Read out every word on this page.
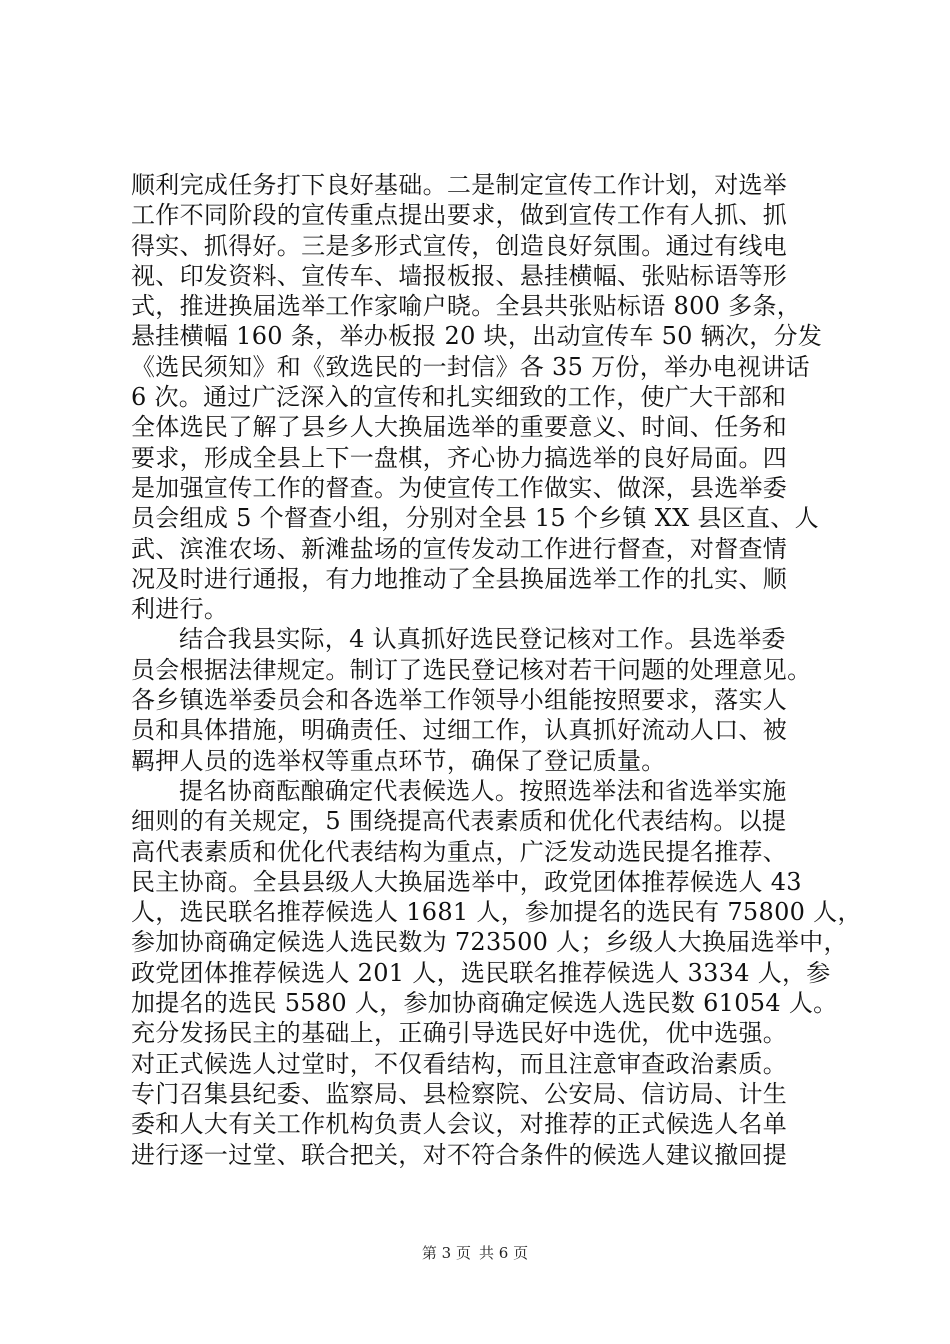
顺利完成任务打下良好基础。二是制定宣传工作计划，对选举
工作不同阶段的宣传重点提出要求，做到宣传工作有人抓、抓
得实、抓得好。三是多形式宣传，创造良好氛围。通过有线电
视、印发资料、宣传车、墙报板报、悬挂横幅、张贴标语等形
式，推进换届选举工作家喻户晓。全县共张贴标语 800 多条，
悬挂横幅 160 条，举办板报 20 块，出动宣传车 50 辆次，分发
《选民须知》和《致选民的一封信》各 35 万份，举办电视讲话
6 次。通过广泛深入的宣传和扎实细致的工作，使广大干部和
全体选民了解了县乡人大换届选举的重要意义、时间、任务和
要求，形成全县上下一盘棋，齐心协力搞选举的良好局面。四
是加强宣传工作的督查。为使宣传工作做实、做深，县选举委
员会组成 5 个督查小组，分别对全县 15 个乡镇 XX 县区直、人
武、滨淮农场、新滩盐场的宣传发动工作进行督查，对督查情
况及时进行通报，有力地推动了全县换届选举工作的扎实、顺
利进行。
结合我县实际，4 认真抓好选民登记核对工作。县选举委
员会根据法律规定。制订了选民登记核对若干问题的处理意见。
各乡镇选举委员会和各选举工作领导小组能按照要求，落实人
员和具体措施，明确责任、过细工作，认真抓好流动人口、被
羁押人员的选举权等重点环节，确保了登记质量。
提名协商酝酿确定代表候选人。按照选举法和省选举实施
细则的有关规定，5 围绕提高代表素质和优化代表结构。以提
高代表素质和优化代表结构为重点，广泛发动选民提名推荐、
民主协商。全县县级人大换届选举中，政党团体推荐候选人 43
人，选民联名推荐候选人 1681 人，参加提名的选民有 75800 人，
参加协商确定候选人选民数为 723500 人；乡级人大换届选举中，
政党团体推荐候选人 201 人，选民联名推荐候选人 3334 人，参
加提名的选民 5580 人，参加协商确定候选人选民数 61054 人。
充分发扬民主的基础上，正确引导选民好中选优，优中选强。
对正式候选人过堂时，不仅看结构，而且注意审查政治素质。
专门召集县纪委、监察局、县检察院、公安局、信访局、计生
委和人大有关工作机构负责人会议，对推荐的正式候选人名单
进行逐一过堂、联合把关，对不符合条件的候选人建议撤回提
第 3 页 共 6 页
